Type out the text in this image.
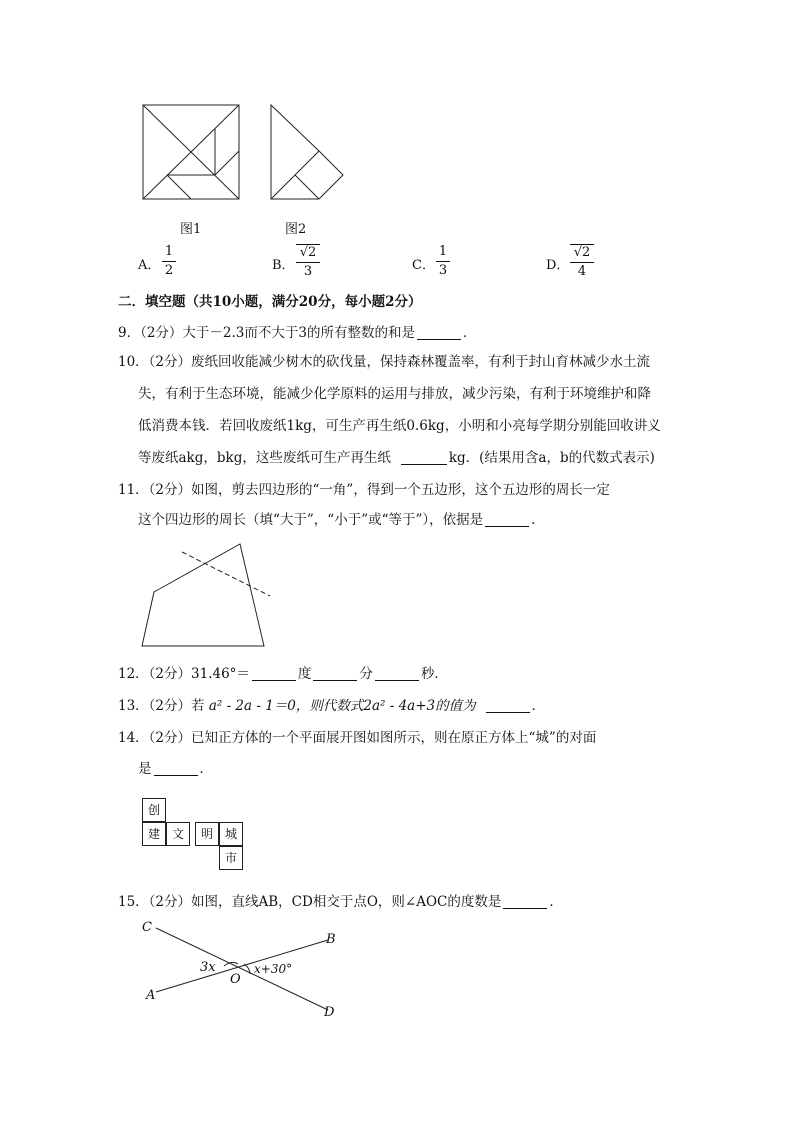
图1	图2
A．
1
2	B．
√2
3	C．
1
3	D．
√2
4
二．填空题（共10小题，满分20分，每小题2分）
9．（2分）大于－2.3而不大于3的所有整数的和是	．
10．（2分）废纸回收能减少树木的砍伐量，保持森林覆盖率，有利于封山育林减少水土流
失，有利于生态环境，能减少化学原料的运用与排放，减少污染，有利于环境维护和降
低消费本钱．若回收废纸1kg，可生产再生纸0.6kg，小明和小亮每学期分别能回收讲义
等废纸akg，bkg，这些废纸可生产再生纸	kg．(结果用含a，b的代数式表示)
11．（2分）如图，剪去四边形的“一角”，得到一个五边形，这个五边形的周长一定
这个四边形的周长（填“大于”，“小于”或“等于”），依据是	．
12．（2分）31.46°＝	度	分	秒．
13．（2分）若 a² - 2a - 1＝0，则代数式2a² - 4a+3的值为	．
14．（2分）已知正方体的一个平面展开图如图所示，则在原正方体上“城”的对面
是	．
创
建 文	明 城
市
15．（2分）如图，直线AB，CD相交于点O，则∠AOC的度数是	．
C
B
A
D
O
3x	x+30°
